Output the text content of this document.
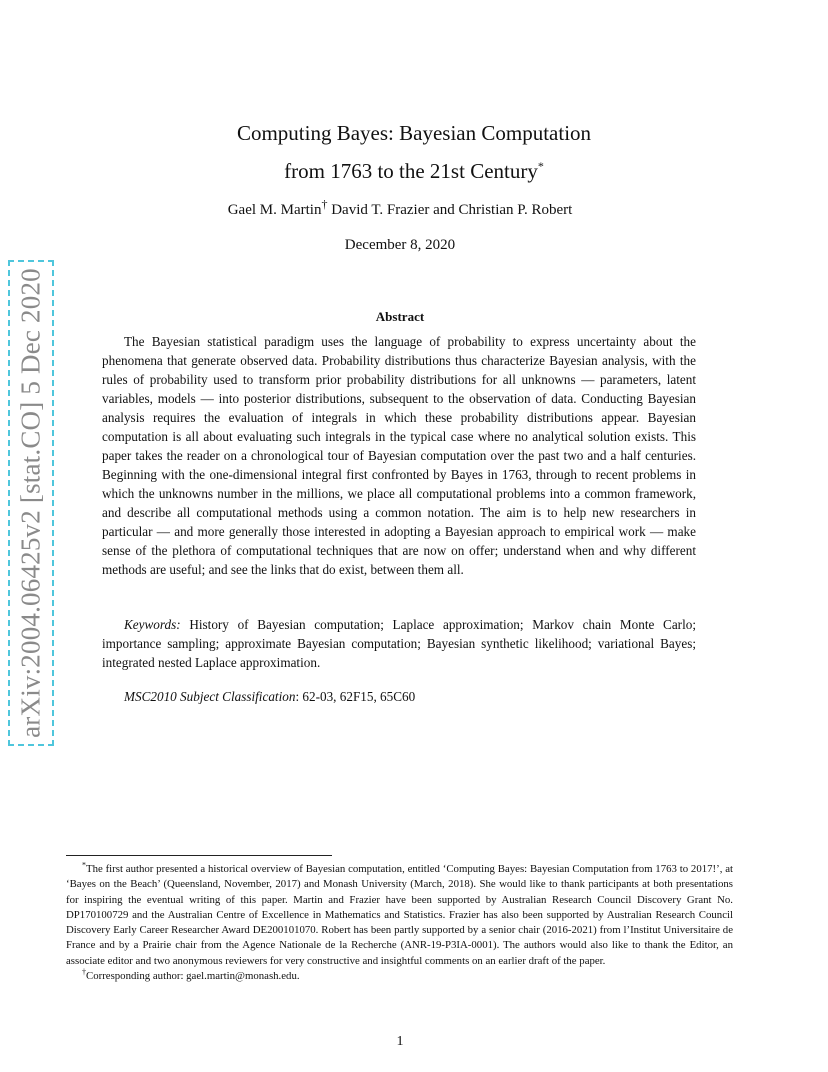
arXiv:2004.06425v2 [stat.CO] 5 Dec 2020
Computing Bayes: Bayesian Computation
from 1763 to the 21st Century*
Gael M. Martin† David T. Frazier and Christian P. Robert
December 8, 2020
Abstract
The Bayesian statistical paradigm uses the language of probability to express uncertainty about the phenomena that generate observed data. Probability distributions thus characterize Bayesian analysis, with the rules of probability used to transform prior probability distributions for all unknowns — parameters, latent variables, models — into posterior distributions, subsequent to the observation of data. Conducting Bayesian analysis requires the evaluation of integrals in which these probability distributions appear. Bayesian computation is all about evaluating such integrals in the typical case where no analytical solution exists. This paper takes the reader on a chronological tour of Bayesian computation over the past two and a half centuries. Beginning with the one-dimensional integral first confronted by Bayes in 1763, through to recent problems in which the unknowns number in the millions, we place all computational problems into a common framework, and describe all computational methods using a common notation. The aim is to help new researchers in particular — and more generally those interested in adopting a Bayesian approach to empirical work — make sense of the plethora of computational techniques that are now on offer; understand when and why different methods are useful; and see the links that do exist, between them all.
Keywords: History of Bayesian computation; Laplace approximation; Markov chain Monte Carlo; importance sampling; approximate Bayesian computation; Bayesian synthetic likelihood; variational Bayes; integrated nested Laplace approximation.
MSC2010 Subject Classification: 62-03, 62F15, 65C60

*The first author presented a historical overview of Bayesian computation, entitled ‘Computing Bayes: Bayesian Computation from 1763 to 2017!’, at ‘Bayes on the Beach’ (Queensland, November, 2017) and Monash University (March, 2018). She would like to thank participants at both presentations for inspiring the eventual writing of this paper. Martin and Frazier have been supported by Australian Research Council Discovery Grant No. DP170100729 and the Australian Centre of Excellence in Mathematics and Statistics. Frazier has also been supported by Australian Research Council Discovery Early Career Researcher Award DE200101070. Robert has been partly supported by a senior chair (2016-2021) from l’Institut Universitaire de France and by a Prairie chair from the Agence Nationale de la Recherche (ANR-19-P3IA-0001). The authors would also like to thank the Editor, an associate editor and two anonymous reviewers for very constructive and insightful comments on an earlier draft of the paper.

†Corresponding author: gael.martin@monash.edu.

1
